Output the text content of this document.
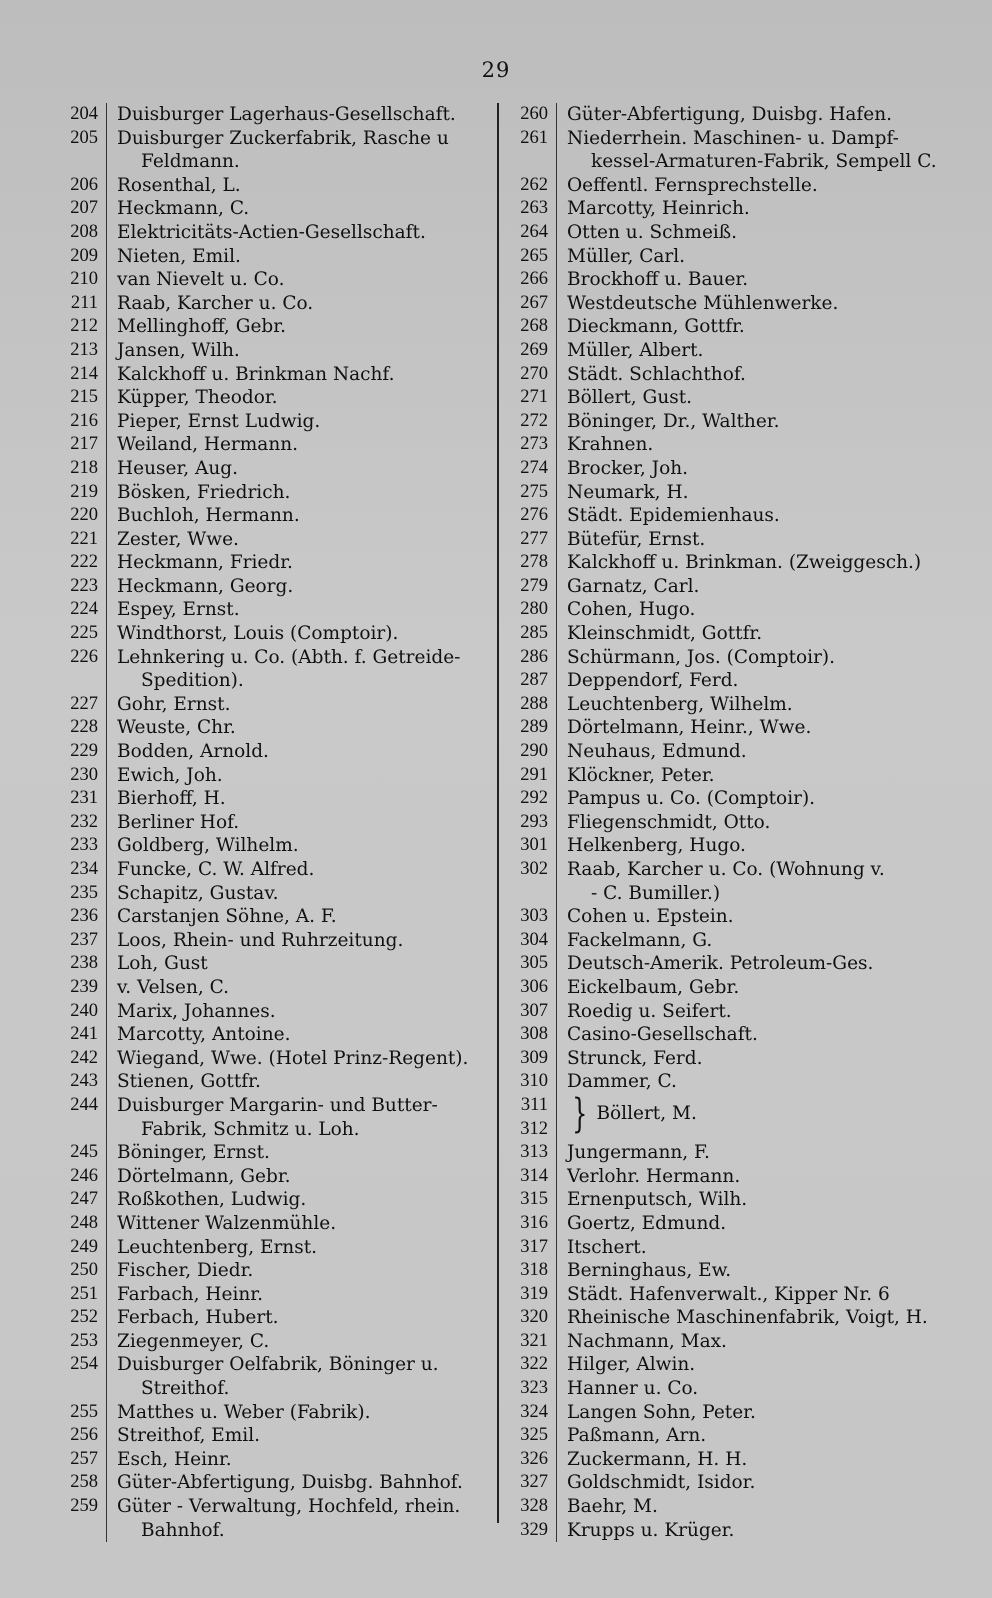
29
204	Duisburger Lagerhaus-Gesellschaft.
205	Duisburger Zuckerfabrik, Rasche u
Feldmann.
206	Rosenthal, L.
207	Heckmann, C.
208	Elektricitäts-Actien-Gesellschaft.
209	Nieten, Emil.
210	van Nievelt u. Co.
211	Raab, Karcher u. Co.
212	Mellinghoff, Gebr.
213	Jansen, Wilh.
214	Kalckhoff u. Brinkman Nachf.
215	Küpper, Theodor.
216	Pieper, Ernst Ludwig.
217	Weiland, Hermann.
218	Heuser, Aug.
219	Bösken, Friedrich.
220	Buchloh, Hermann.
221	Zester, Wwe.
222	Heckmann, Friedr.
223	Heckmann, Georg.
224	Espey, Ernst.
225	Windthorst, Louis (Comptoir).
226	Lehnkering u. Co. (Abth. f. Getreide-
Spedition).
227	Gohr, Ernst.
228	Weuste, Chr.
229	Bodden, Arnold.
230	Ewich, Joh.
231	Bierhoff, H.
232	Berliner Hof.
233	Goldberg, Wilhelm.
234	Funcke, C. W. Alfred.
235	Schapitz, Gustav.
236	Carstanjen Söhne, A. F.
237	Loos, Rhein- und Ruhrzeitung.
238	Loh, Gust
239	v. Velsen, C.
240	Marix, Johannes.
241	Marcotty, Antoine.
242	Wiegand, Wwe. (Hotel Prinz-Regent).
243	Stienen, Gottfr.
244	Duisburger Margarin- und Butter-
Fabrik, Schmitz u. Loh.
245	Böninger, Ernst.
246	Dörtelmann, Gebr.
247	Roßkothen, Ludwig.
248	Wittener Walzenmühle.
249	Leuchtenberg, Ernst.
250	Fischer, Diedr.
251	Farbach, Heinr.
252	Ferbach, Hubert.
253	Ziegenmeyer, C.
254	Duisburger Oelfabrik, Böninger u.
Streithof.
255	Matthes u. Weber (Fabrik).
256	Streithof, Emil.
257	Esch, Heinr.
258	Güter-Abfertigung, Duisbg. Bahnhof.
259	Güter - Verwaltung, Hochfeld, rhein.
Bahnhof.
260	Güter-Abfertigung, Duisbg. Hafen.
261	Niederrhein. Maschinen- u. Dampf-
kessel-Armaturen-Fabrik, Sempell C.
262	Oeffentl. Fernsprechstelle.
263	Marcotty, Heinrich.
264	Otten u. Schmeiß.
265	Müller, Carl.
266	Brockhoff u. Bauer.
267	Westdeutsche Mühlenwerke.
268	Dieckmann, Gottfr.
269	Müller, Albert.
270	Städt. Schlachthof.
271	Böllert, Gust.
272	Böninger, Dr., Walther.
273	Krahnen.
274	Brocker, Joh.
275	Neumark, H.
276	Städt. Epidemienhaus.
277	Bütefür, Ernst.
278	Kalckhoff u. Brinkman. (Zweiggesch.)
279	Garnatz, Carl.
280	Cohen, Hugo.
285	Kleinschmidt, Gottfr.
286	Schürmann, Jos. (Comptoir).
287	Deppendorf, Ferd.
288	Leuchtenberg, Wilhelm.
289	Dörtelmann, Heinr., Wwe.
290	Neuhaus, Edmund.
291	Klöckner, Peter.
292	Pampus u. Co. (Comptoir).
293	Fliegenschmidt, Otto.
301	Helkenberg, Hugo.
302	Raab, Karcher u. Co. (Wohnung v.
- C. Bumiller.)
303	Cohen u. Epstein.
304	Fackelmann, G.
305	Deutsch-Amerik. Petroleum-Ges.
306	Eickelbaum, Gebr.
307	Roedig u. Seifert.
308	Casino-Gesellschaft.
309	Strunck, Ferd.
310	Dammer, C.
311
312 } Böllert, M.
313	Jungermann, F.
314	Verlohr. Hermann.
315	Ernenputsch, Wilh.
316	Goertz, Edmund.
317	Itschert.
318	Berninghaus, Ew.
319	Städt. Hafenverwalt., Kipper Nr. 6
320	Rheinische Maschinenfabrik, Voigt, H.
321	Nachmann, Max.
322	Hilger, Alwin.
323	Hanner u. Co.
324	Langen Sohn, Peter.
325	Paßmann, Arn.
326	Zuckermann, H. H.
327	Goldschmidt, Isidor.
328	Baehr, M.
329	Krupps u. Krüger.
